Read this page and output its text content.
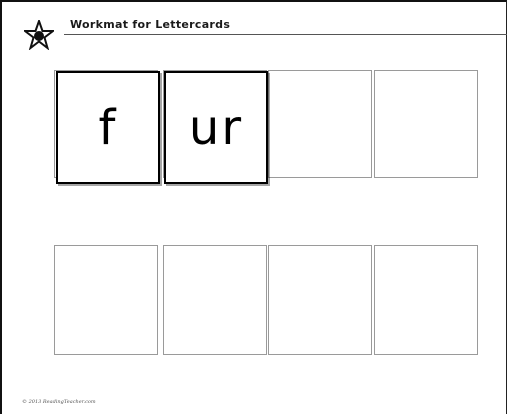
Workmat for Lettercards
f	ur
© 2013 ReadingTeacher.com
